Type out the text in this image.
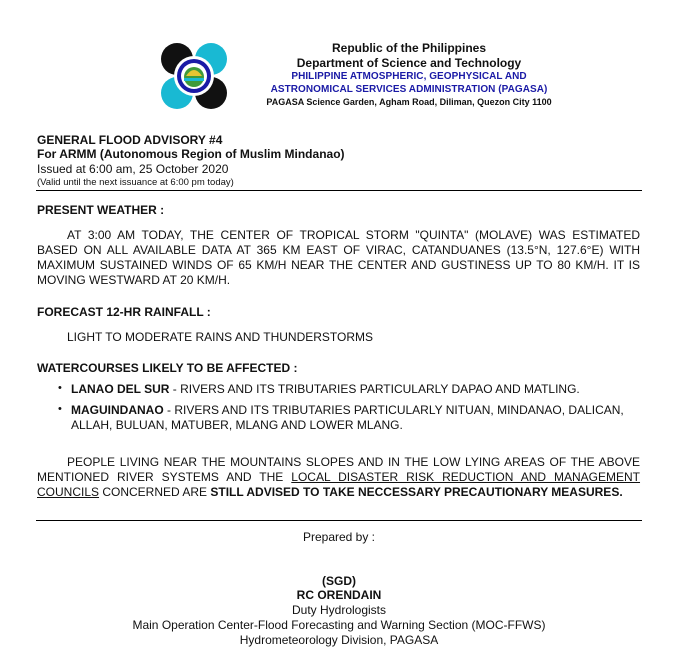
Republic of the Philippines
Department of Science and Technology
PHILIPPINE ATMOSPHERIC, GEOPHYSICAL AND
ASTRONOMICAL SERVICES ADMINISTRATION (PAGASA)
PAGASA Science Garden, Agham Road, Diliman, Quezon City 1100
GENERAL FLOOD ADVISORY #4
For ARMM (Autonomous Region of Muslim Mindanao)
Issued at 6:00 am, 25 October 2020
(Valid until the next issuance at 6:00 pm today)
PRESENT WEATHER :
AT 3:00 AM TODAY, THE CENTER OF TROPICAL STORM "QUINTA" (MOLAVE) WAS ESTIMATED
BASED ON ALL AVAILABLE DATA AT 365 KM EAST OF VIRAC, CATANDUANES (13.5°N, 127.6°E) WITH
MAXIMUM SUSTAINED WINDS OF 65 KM/H NEAR THE CENTER AND GUSTINESS UP TO 80 KM/H. IT IS
MOVING WESTWARD AT 20 KM/H.
FORECAST 12-HR RAINFALL :
LIGHT TO MODERATE RAINS AND THUNDERSTORMS
WATERCOURSES LIKELY TO BE AFFECTED :
• LANAO DEL SUR - RIVERS AND ITS TRIBUTARIES PARTICULARLY DAPAO AND MATLING.
• MAGUINDANAO - RIVERS AND ITS TRIBUTARIES PARTICULARLY NITUAN, MINDANAO, DALICAN,
ALLAH, BULUAN, MATUBER, MLANG AND LOWER MLANG.
PEOPLE LIVING NEAR THE MOUNTAINS SLOPES AND IN THE LOW LYING AREAS OF THE ABOVE
MENTIONED RIVER SYSTEMS AND THE LOCAL DISASTER RISK REDUCTION AND MANAGEMENT
COUNCILS CONCERNED ARE STILL ADVISED TO TAKE NECCESSARY PRECAUTIONARY MEASURES.
Prepared by :
(SGD)
RC ORENDAIN
Duty Hydrologists
Main Operation Center-Flood Forecasting and Warning Section (MOC-FFWS)
Hydrometeorology Division, PAGASA
